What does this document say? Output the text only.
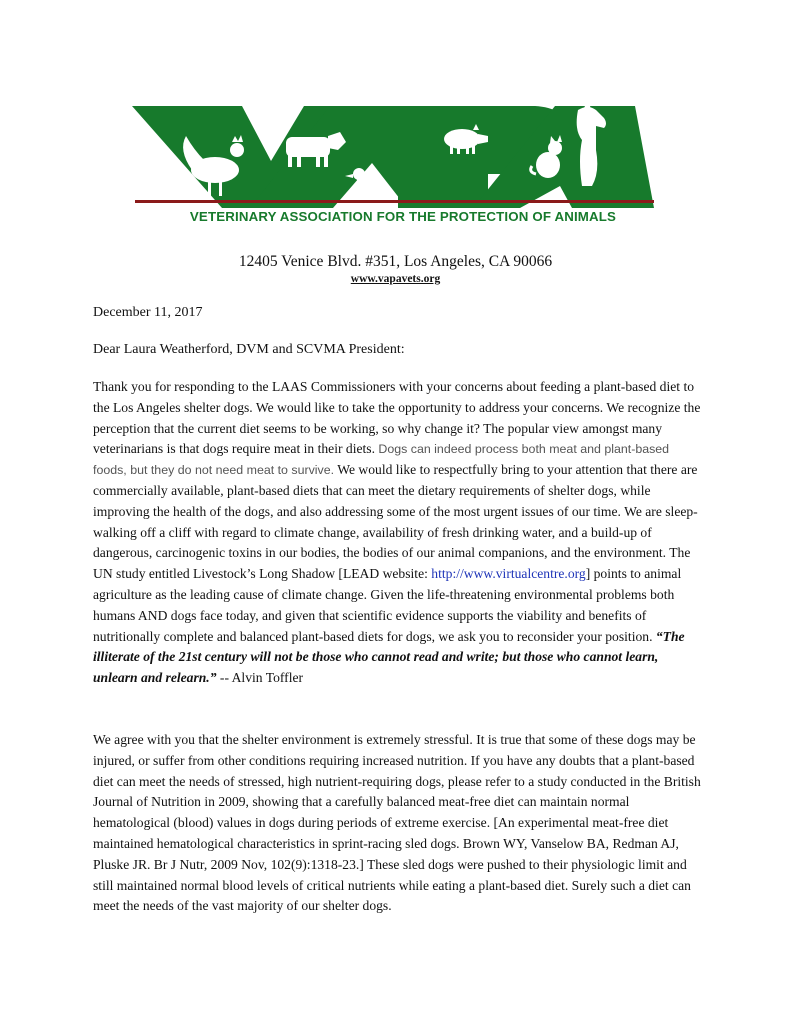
VETERINARY ASSOCIATION FOR THE PROTECTION OF ANIMALS
12405 Venice Blvd. #351, Los Angeles, CA 90066
www.vapavets.org
December 11, 2017
Dear Laura Weatherford, DVM and SCVMA President:
Thank you for responding to the LAAS Commissioners with your concerns about feeding a plant-based diet to the Los Angeles shelter dogs. We would like to take the opportunity to address your concerns. We recognize the perception that the current diet seems to be working, so why change it? The popular view amongst many veterinarians is that dogs require meat in their diets. Dogs can indeed process both meat and plant-based foods, but they do not need meat to survive. We would like to respectfully bring to your attention that there are commercially available, plant-based diets that can meet the dietary requirements of shelter dogs, while improving the health of the dogs, and also addressing some of the most urgent issues of our time. We are sleep-walking off a cliff with regard to climate change, availability of fresh drinking water, and a build-up of dangerous, carcinogenic toxins in our bodies, the bodies of our animal companions, and the environment. The UN study entitled Livestock’s Long Shadow [LEAD website: http://www.virtualcentre.org] points to animal agriculture as the leading cause of climate change. Given the life-threatening environmental problems both humans AND dogs face today, and given that scientific evidence supports the viability and benefits of nutritionally complete and balanced plant-based diets for dogs, we ask you to reconsider your position. “The illiterate of the 21st century will not be those who cannot read and write; but those who cannot learn, unlearn and relearn.” -- Alvin Toffler
We agree with you that the shelter environment is extremely stressful. It is true that some of these dogs may be injured, or suffer from other conditions requiring increased nutrition. If you have any doubts that a plant-based diet can meet the needs of stressed, high nutrient-requiring dogs, please refer to a study conducted in the British Journal of Nutrition in 2009, showing that a carefully balanced meat-free diet can maintain normal hematological (blood) values in dogs during periods of extreme exercise. [An experimental meat-free diet maintained hematological characteristics in sprint-racing sled dogs. Brown WY, Vanselow BA, Redman AJ, Pluske JR. Br J Nutr, 2009 Nov, 102(9):1318-23.] These sled dogs were pushed to their physiologic limit and still maintained normal blood levels of critical nutrients while eating a plant-based diet. Surely such a diet can meet the needs of the vast majority of our shelter dogs.
